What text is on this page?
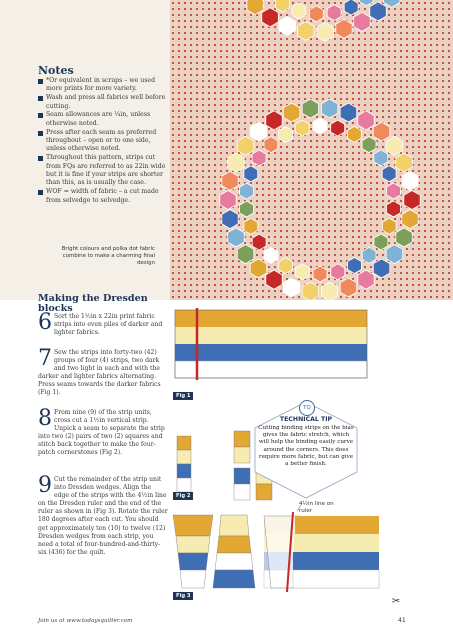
Notes
*Or equivalent in scraps – we used more prints for more variety.
Wash and press all fabrics well before cutting.
Seam allowances are ¼in, unless otherwise noted.
Press after each seam as preferred throughout – open or to one side, unless otherwise noted.
Throughout this pattern, strips cut from FQs are referred to as 22in wide but it is fine if your strips are shorter than this, as is usually the case.
WOF = width of fabric – a cut made from selvedge to selvedge.
Bright colours and polka dot fabric combine to make a charming final design
Making the Dresden blocks
6 Sort the 1½in x 22in print fabric strips into even piles of darker and lighter fabrics.
7 Sew the strips into forty-two (42) groups of four (4) strips, two dark and two light in each and with the darker and lighter fabrics alternating. Press seams towards the darker fabrics (Fig 1).
8 From nine (9) of the strip units, cross cut a 1½in vertical strip. Unpick a seam to separate the strip into two (2) pairs of two (2) squares and stitch back together to make the four-patch cornerstones (Fig 2).
9 Cut the remainder of the strip unit into Dresden wedges. Align the edge of the strips with the 4½in line on the Dresden ruler and the end of the ruler as shown in (Fig 3). Rotate the ruler 180 degrees after each cut. You should get approximately ten (10) to twelve (12) Dresden wedges from each strip, you need a total of four-hundred-and-thirty-six (436) for the quilt.
Fig 1
Fig 2
Fig 3
TQ
TECHNICAL TIP
Cutting binding strips on the bias gives the fabric stretch, which will help the binding easily curve around the corners. This does require more fabric, but can give a better finish.
4½in line on ruler
✂
Join us at www.todaysquilter.com	41
